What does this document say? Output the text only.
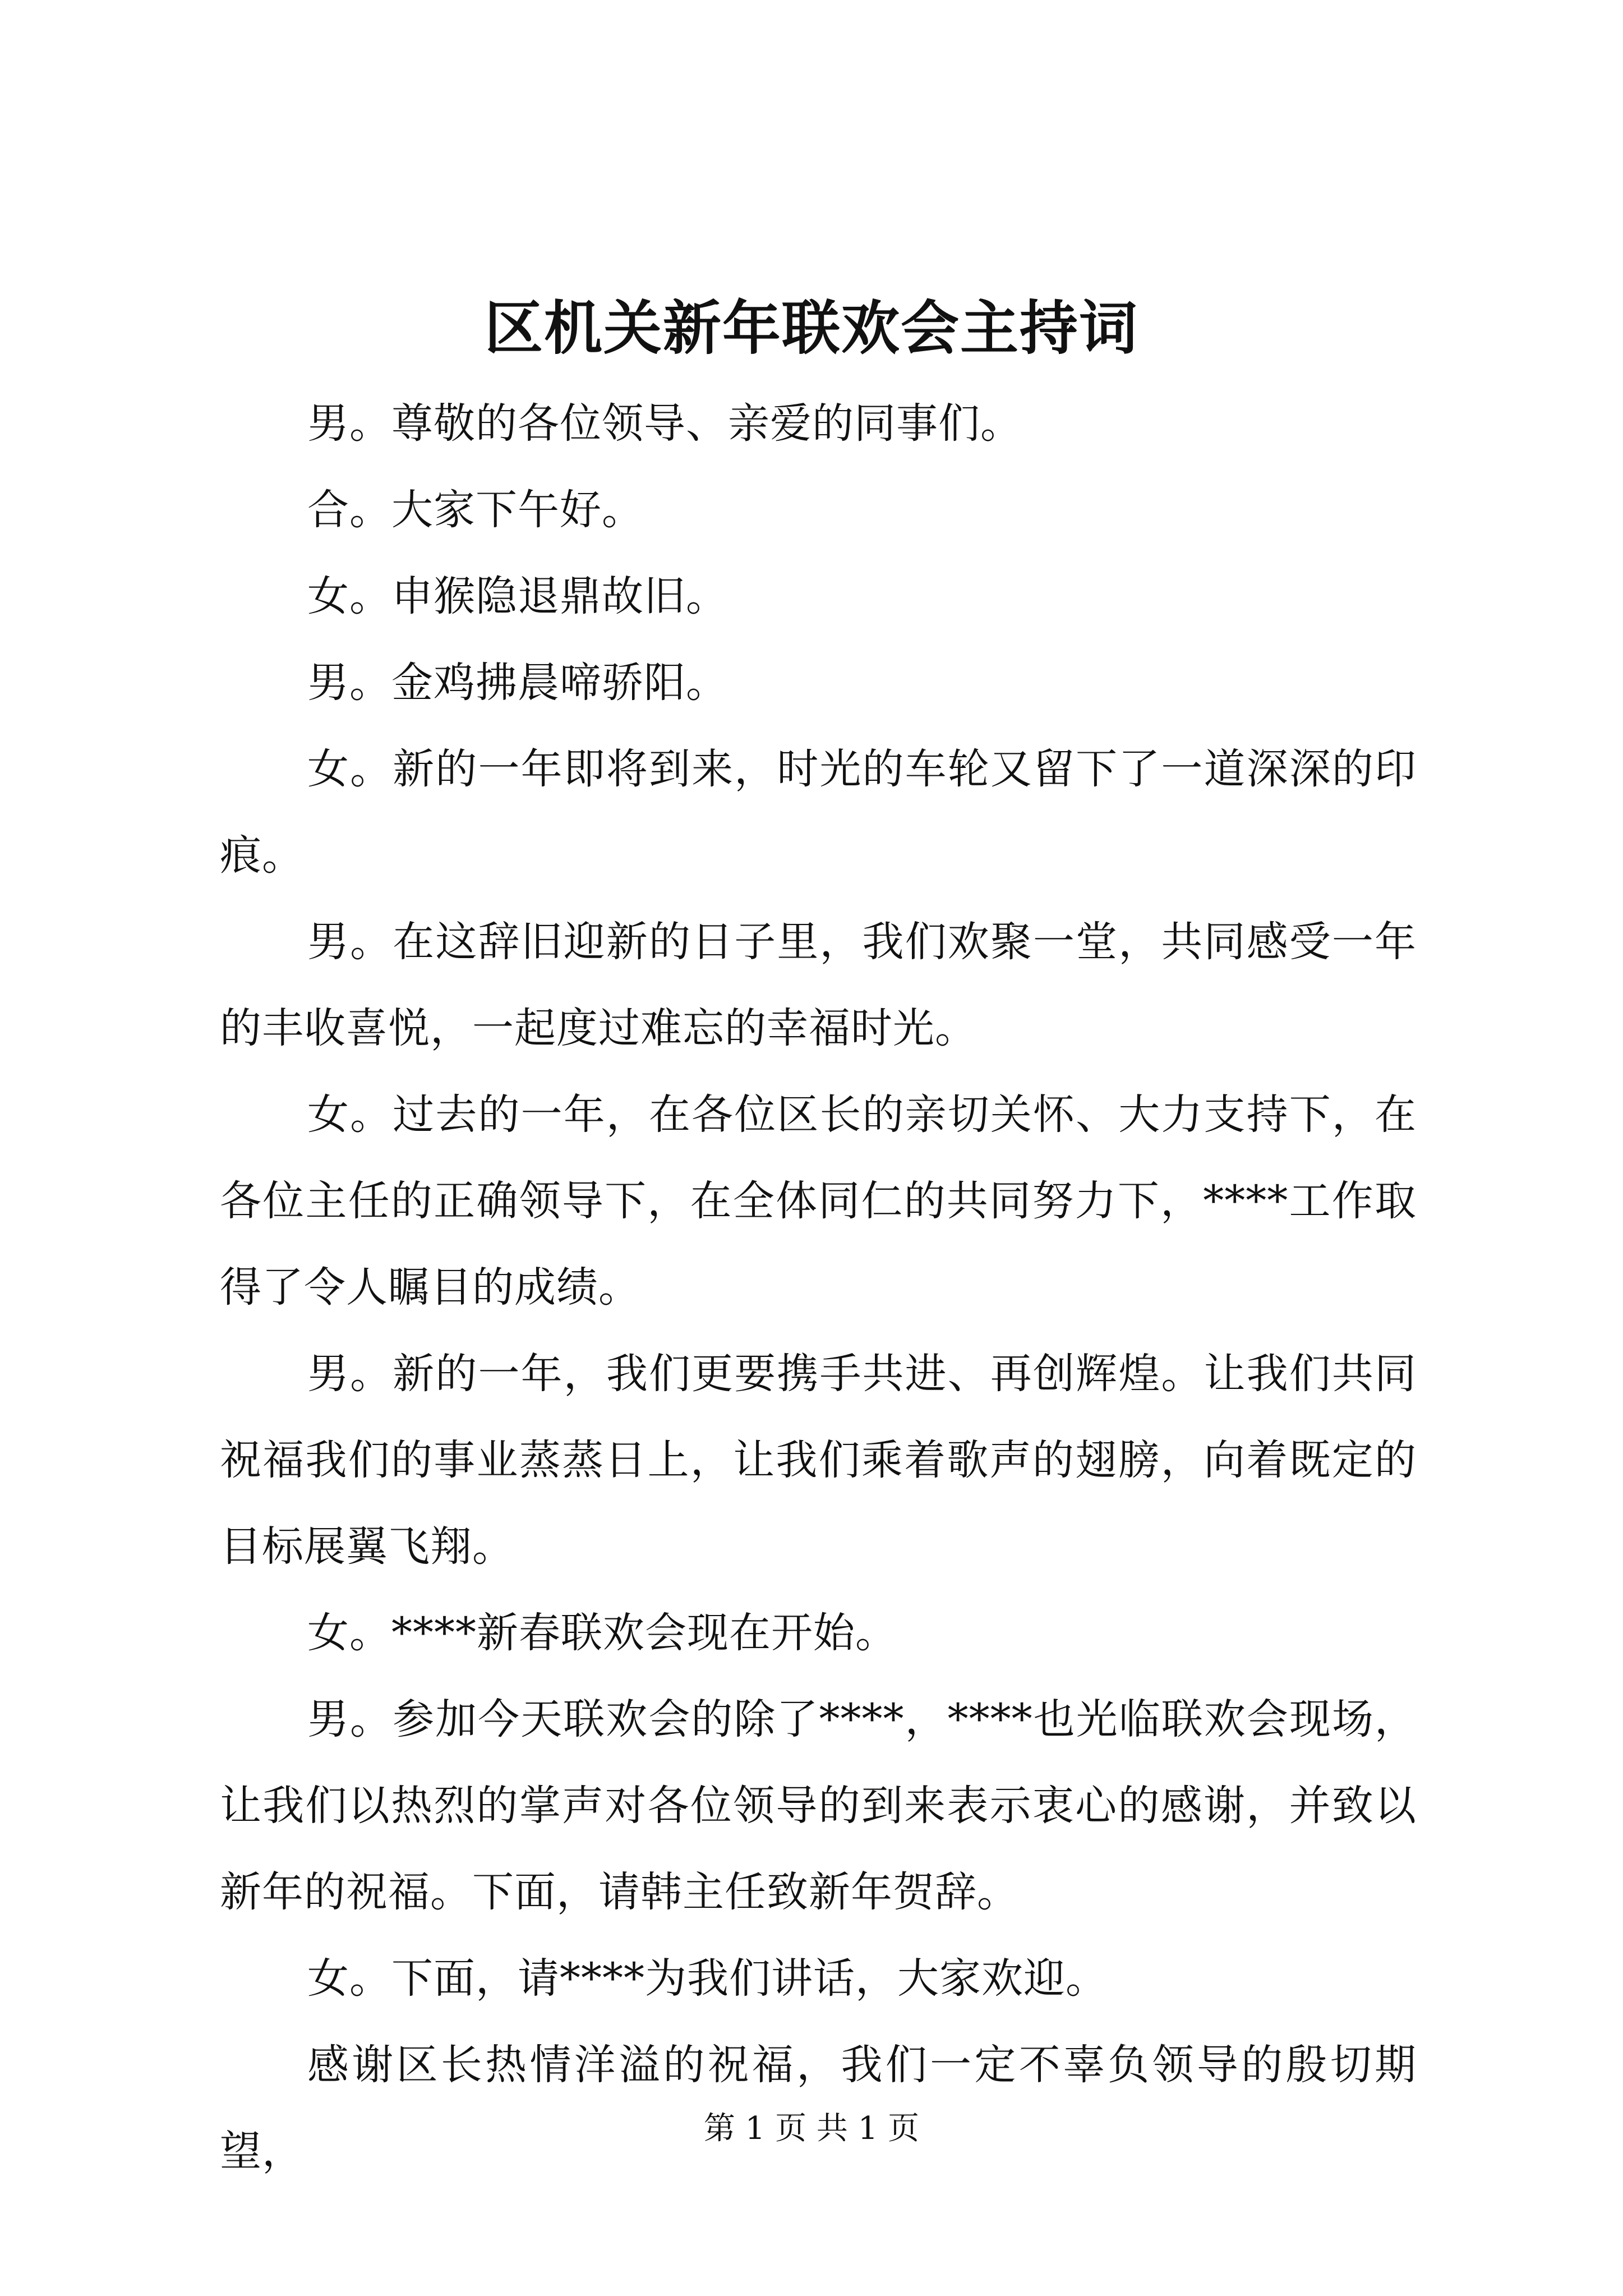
区机关新年联欢会主持词

男。尊敬的各位领导、亲爱的同事们。

合。大家下午好。

女。申猴隐退鼎故旧。

男。金鸡拂晨啼骄阳。

女。新的一年即将到来，时光的车轮又留下了一道深深的印痕。

男。在这辞旧迎新的日子里，我们欢聚一堂，共同感受一年的丰收喜悦，一起度过难忘的幸福时光。

女。过去的一年，在各位区长的亲切关怀、大力支持下，在各位主任的正确领导下，在全体同仁的共同努力下，****工作取得了令人瞩目的成绩。

男。新的一年，我们更要携手共进、再创辉煌。让我们共同祝福我们的事业蒸蒸日上，让我们乘着歌声的翅膀，向着既定的目标展翼飞翔。

女。****新春联欢会现在开始。

男。参加今天联欢会的除了****，****也光临联欢会现场，让我们以热烈的掌声对各位领导的到来表示衷心的感谢，并致以新年的祝福。下面，请韩主任致新年贺辞。

女。下面，请****为我们讲话，大家欢迎。

感谢区长热情洋溢的祝福，我们一定不辜负领导的殷切期望，	第 1 页 共 1 页
